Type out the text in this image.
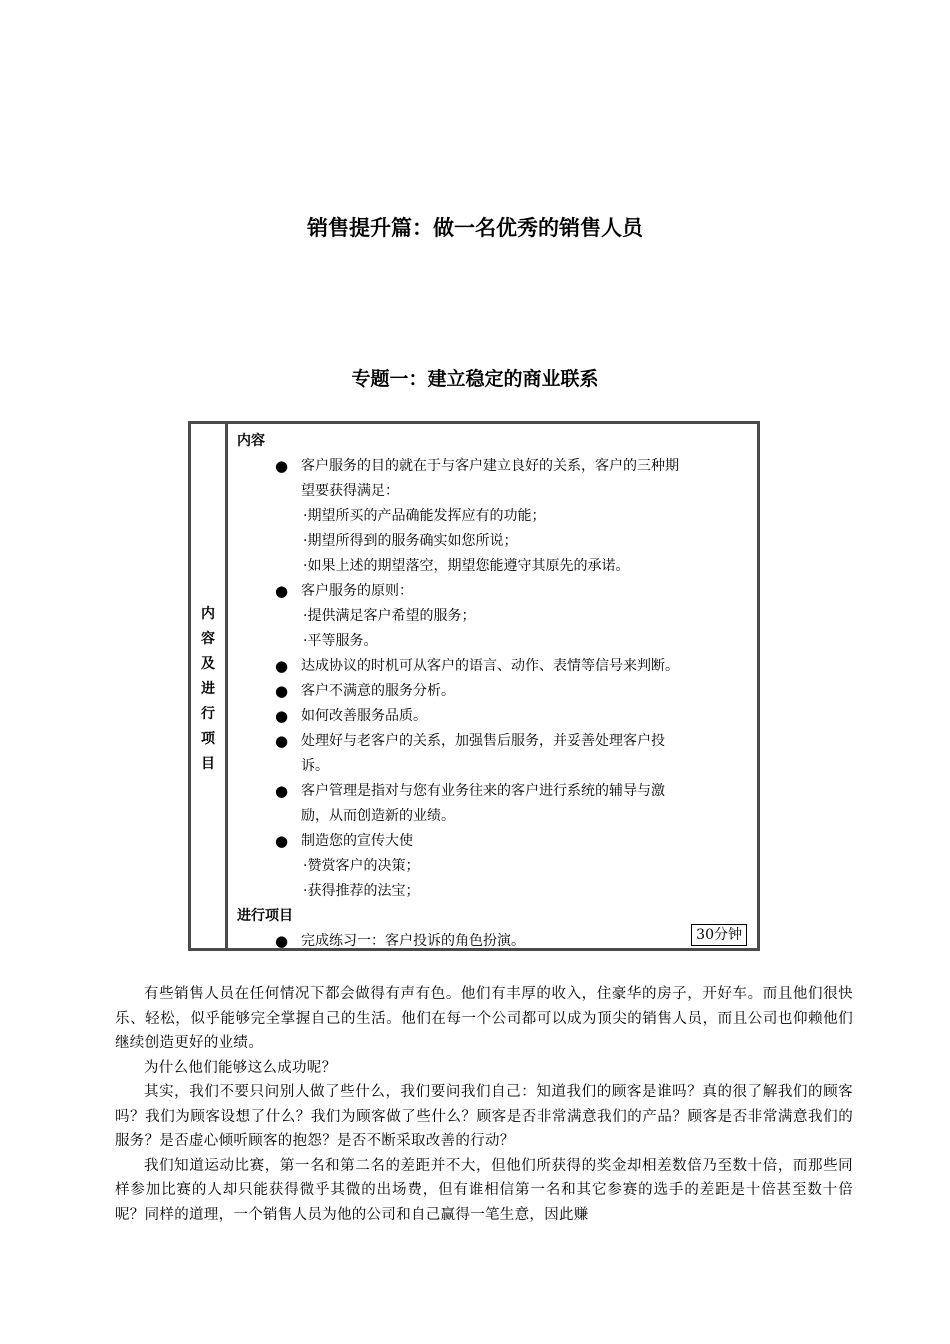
销售提升篇：做一名优秀的销售人员
专题一：建立稳定的商业联系
内
容
及
进
行
项
目
内容
● 客户服务的目的就在于与客户建立良好的关系，客户的三种期
望要获得满足：
·期望所买的产品确能发挥应有的功能；
·期望所得到的服务确实如您所说；
·如果上述的期望落空，期望您能遵守其原先的承诺。
● 客户服务的原则：
·提供满足客户希望的服务；
·平等服务。
● 达成协议的时机可从客户的语言、动作、表情等信号来判断。
● 客户不满意的服务分析。
● 如何改善服务品质。
● 处理好与老客户的关系，加强售后服务，并妥善处理客户投
诉。
● 客户管理是指对与您有业务往来的客户进行系统的辅导与激
励，从而创造新的业绩。
● 制造您的宣传大使
·赞赏客户的决策；
·获得推荐的法宝；
进行项目
● 完成练习一：客户投诉的角色扮演。	30分钟

有些销售人员在任何情况下都会做得有声有色。他们有丰厚的收入，住豪华的房子，开好车。而且他们很快乐、轻松，似乎能够完全掌握自己的生活。他们在每一个公司都可以成为顶尖的销售人员，而且公司也仰赖他们继续创造更好的业绩。

为什么他们能够这么成功呢？

其实，我们不要只问别人做了些什么，我们要问我们自己：知道我们的顾客是谁吗？真的很了解我们的顾客吗？我们为顾客设想了什么？我们为顾客做了些什么？顾客是否非常满意我们的产品？顾客是否非常满意我们的服务？是否虚心倾听顾客的抱怨？是否不断采取改善的行动？

我们知道运动比赛，第一名和第二名的差距并不大，但他们所获得的奖金却相差数倍乃至数十倍，而那些同样参加比赛的人却只能获得微乎其微的出场费，但有谁相信第一名和其它参赛的选手的差距是十倍甚至数十倍呢？同样的道理，一个销售人员为他的公司和自己赢得一笔生意，因此赚
